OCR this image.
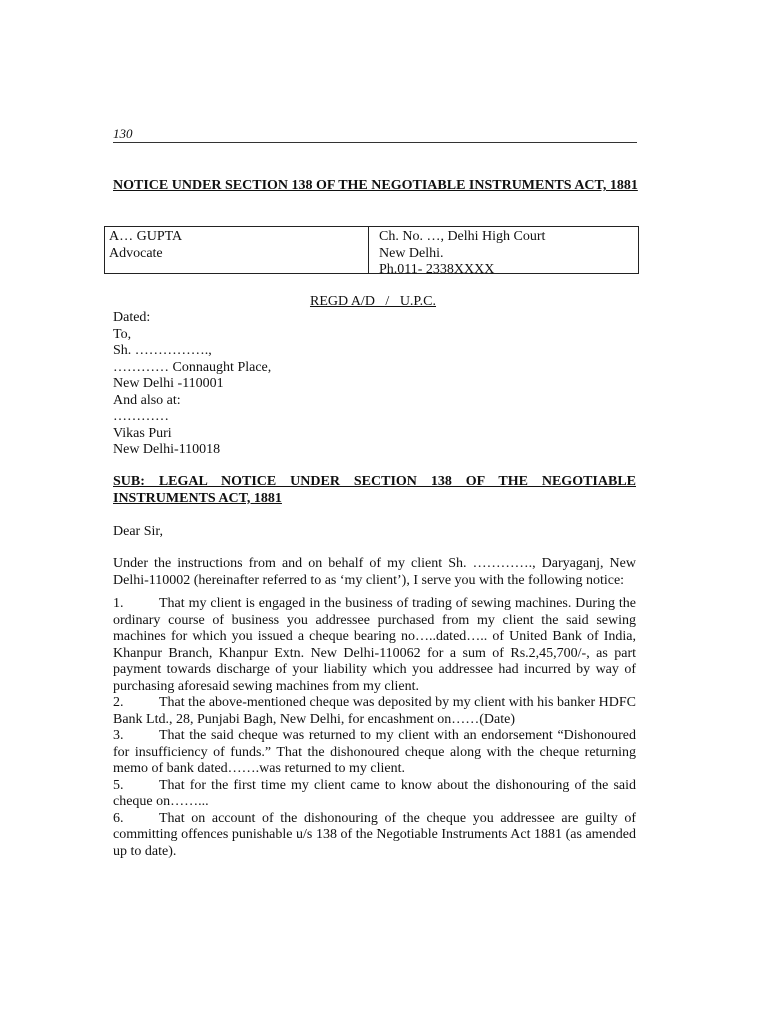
130
NOTICE UNDER SECTION 138 OF THE NEGOTIABLE INSTRUMENTS ACT, 1881
A… GUPTA
Advocate
Ch. No. …, Delhi High Court
New Delhi.
Ph.011- 2338XXXX
REGD A/D   /   U.P.C.
Dated:
To,
Sh. …………….,
………… Connaught Place,
New Delhi -110001
And also at:
…………
Vikas Puri
New Delhi-110018
SUB: LEGAL NOTICE UNDER SECTION 138 OF THE NEGOTIABLE INSTRUMENTS ACT, 1881
Dear Sir,
Under the instructions from and on behalf of my client Sh. …………., Daryaganj, New Delhi-110002 (hereinafter referred to as ‘my client’), I serve you with the following notice:
1.	That my client is engaged in the business of trading of sewing machines. During the ordinary course of business you addressee purchased from my client the said sewing machines for which you issued a cheque bearing no…..dated….. of United Bank of India, Khanpur Branch, Khanpur Extn. New Delhi-110062 for a sum of Rs.2,45,700/-, as part payment towards discharge of your liability which you addressee had incurred by way of purchasing aforesaid sewing machines from my client.
2.	That the above-mentioned cheque was deposited by my client with his banker HDFC Bank Ltd., 28, Punjabi Bagh, New Delhi, for encashment on……(Date)
3.	That the said cheque was returned to my client with an endorsement “Dishonoured for insufficiency of funds.” That the dishonoured cheque along with the cheque returning memo of bank dated…….was returned to my client.
5.	That for the first time my client came to know about the dishonouring of the said cheque on……...
6.	That on account of the dishonouring of the cheque you addressee are guilty of committing offences punishable u/s 138 of the Negotiable Instruments Act 1881 (as amended up to date).
